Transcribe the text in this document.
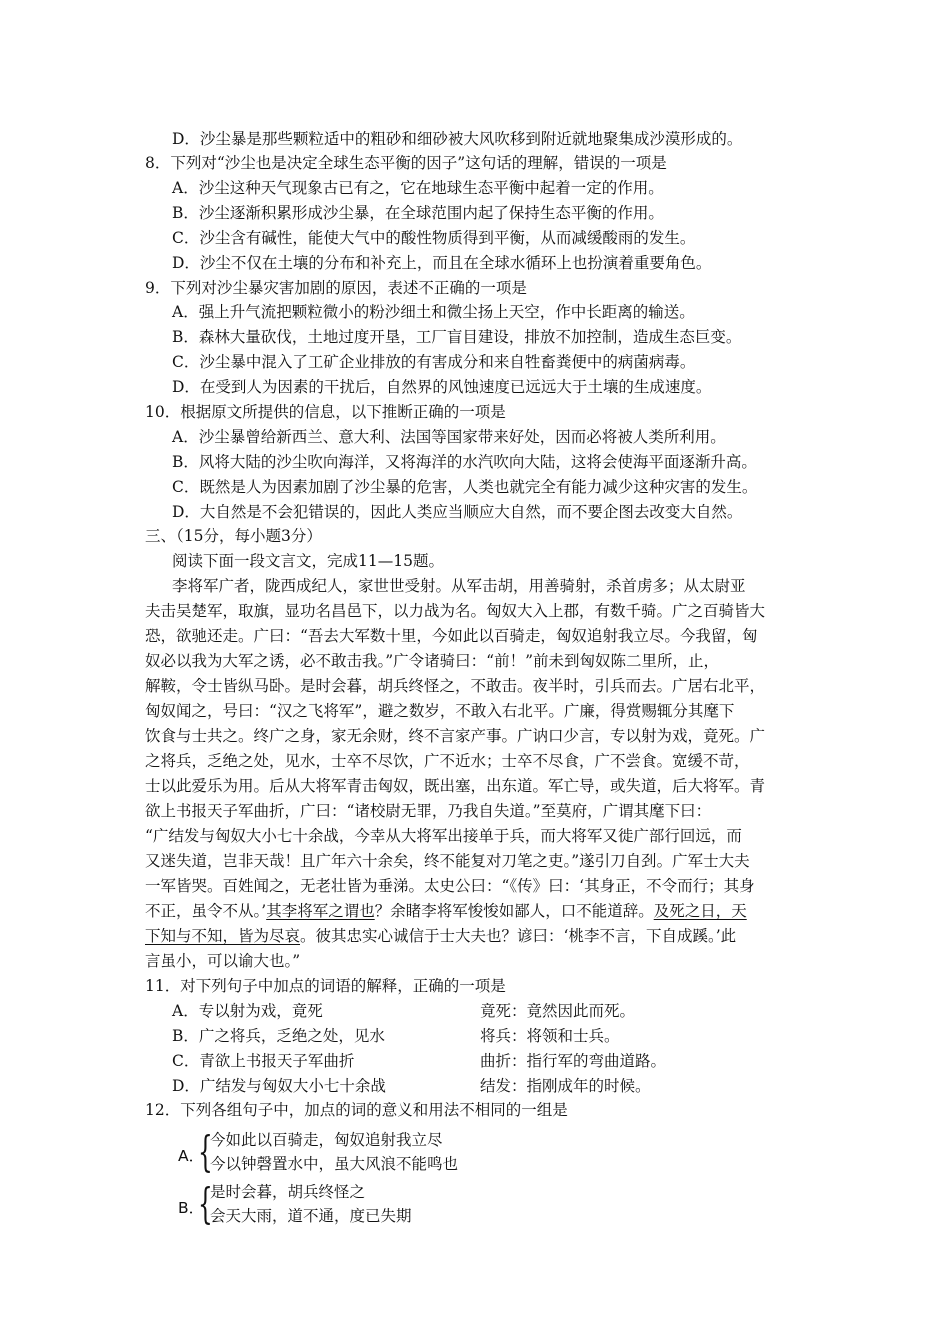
D．沙尘暴是那些颗粒适中的粗砂和细砂被大风吹移到附近就地聚集成沙漠形成的。
8．下列对“沙尘也是决定全球生态平衡的因子”这句话的理解，错误的一项是
A．沙尘这种天气现象古已有之，它在地球生态平衡中起着一定的作用。
B．沙尘逐渐积累形成沙尘暴，在全球范围内起了保持生态平衡的作用。
C．沙尘含有碱性，能使大气中的酸性物质得到平衡，从而减缓酸雨的发生。
D．沙尘不仅在土壤的分布和补充上，而且在全球水循环上也扮演着重要角色。
9．下列对沙尘暴灾害加剧的原因，表述不正确的一项是
A．强上升气流把颗粒微小的粉沙细土和微尘扬上天空，作中长距离的输送。
B．森林大量砍伐，土地过度开垦，工厂盲目建设，排放不加控制，造成生态巨变。
C．沙尘暴中混入了工矿企业排放的有害成分和来自牲畜粪便中的病菌病毒。
D．在受到人为因素的干扰后，自然界的风蚀速度已远远大于土壤的生成速度。
10．根据原文所提供的信息，以下推断正确的一项是
A．沙尘暴曾给新西兰、意大利、法国等国家带来好处，因而必将被人类所利用。
B．风将大陆的沙尘吹向海洋，又将海洋的水汽吹向大陆，这将会使海平面逐渐升高。
C．既然是人为因素加剧了沙尘暴的危害，人类也就完全有能力减少这种灾害的发生。
D．大自然是不会犯错误的，因此人类应当顺应大自然，而不要企图去改变大自然。
三、（15分，每小题3分）
阅读下面一段文言文，完成11—15题。
李将军广者，陇西成纪人，家世世受射。从军击胡，用善骑射，杀首虏多；从太尉亚
夫击吴楚军，取旗，显功名昌邑下，以力战为名。匈奴大入上郡，有数千骑。广之百骑皆大
恐，欲驰还走。广曰：“吾去大军数十里，今如此以百骑走，匈奴追射我立尽。今我留，匈
奴必以我为大军之诱，必不敢击我。”广令诸骑曰：“前！”前未到匈奴陈二里所，止，
解鞍，令士皆纵马卧。是时会暮，胡兵终怪之，不敢击。夜半时，引兵而去。广居右北平，
匈奴闻之，号曰：“汉之飞将军”，避之数岁，不敢入右北平。广廉，得赏赐辄分其麾下
饮食与士共之。终广之身，家无余财，终不言家产事。广讷口少言，专以射为戏，竟死。广
之将兵，乏绝之处，见水，士卒不尽饮，广不近水；士卒不尽食，广不尝食。宽缓不苛，
士以此爱乐为用。后从大将军青击匈奴，既出塞，出东道。军亡导，或失道，后大将军。青
欲上书报天子军曲折，广曰：“诸校尉无罪，乃我自失道。”至莫府，广谓其麾下曰：
“广结发与匈奴大小七十余战，今幸从大将军出接单于兵，而大将军又徙广部行回远，而
又迷失道，岂非天哉！且广年六十余矣，终不能复对刀笔之吏。”遂引刀自刭。广军士大夫
一军皆哭。百姓闻之，无老壮皆为垂涕。太史公曰：“《传》曰：‘其身正，不令而行；其身
不正，虽令不从。’其李将军之谓也？余睹李将军悛悛如鄙人，口不能道辞。及死之日，天
下知与不知，皆为尽哀。彼其忠实心诚信于士大夫也？谚曰：‘桃李不言，下自成蹊。’此
言虽小，可以谕大也。”
11．对下列句子中加点的词语的解释，正确的一项是
A．专以射为戏，竟死	竟死：竟然因此而死。
B．广之将兵，乏绝之处，见水	将兵：将领和士兵。
C．青欲上书报天子军曲折	曲折：指行军的弯曲道路。
D．广结发与匈奴大小七十余战	结发：指刚成年的时候。
12．下列各组句子中，加点的词的意义和用法不相同的一组是
A．
{
今如此以百骑走，匈奴追射我立尽
今以钟磬置水中，虽大风浪不能鸣也
B．
{
是时会暮，胡兵终怪之
会天大雨，道不通，度已失期
